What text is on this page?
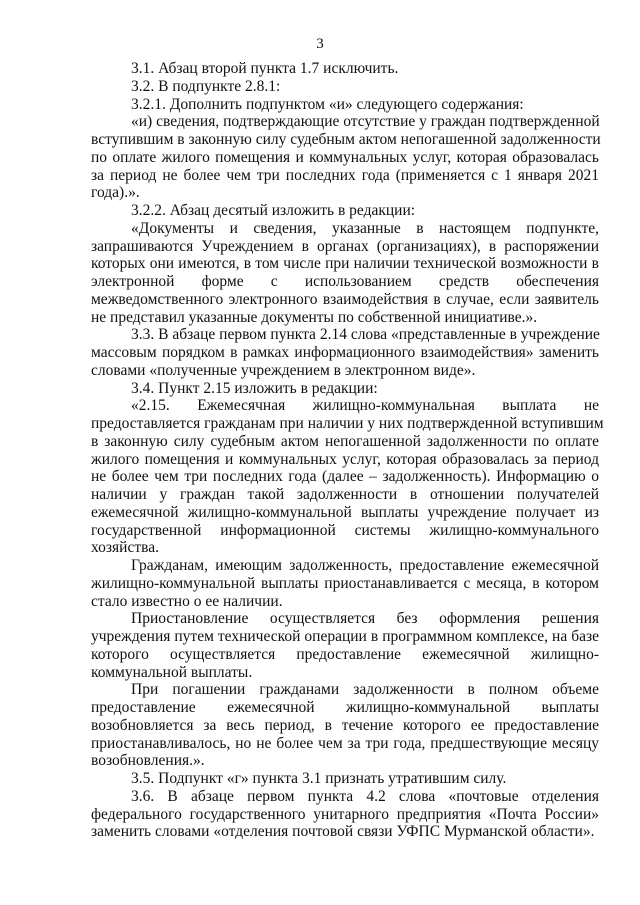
3
3.1. Абзац второй пункта 1.7 исключить.
3.2. В подпункте 2.8.1:
3.2.1. Дополнить подпунктом «и» следующего содержания:
«и) сведения, подтверждающие отсутствие у граждан подтвержденной
вступившим в законную силу судебным актом непогашенной задолженности
по оплате жилого помещения и коммунальных услуг, которая образовалась
за период не более чем три последних года (применяется с 1 января 2021
года).».
3.2.2. Абзац десятый изложить в редакции:
«Документы и сведения, указанные в настоящем подпункте,
запрашиваются Учреждением в органах (организациях), в распоряжении
которых они имеются, в том числе при наличии технической возможности в
электронной форме с использованием средств обеспечения
межведомственного электронного взаимодействия в случае, если заявитель
не представил указанные документы по собственной инициативе.».
3.3. В абзаце первом пункта 2.14 слова «представленные в учреждение
массовым порядком в рамках информационного взаимодействия» заменить
словами «полученные учреждением в электронном виде».
3.4. Пункт 2.15 изложить в редакции:
«2.15. Ежемесячная жилищно-коммунальная выплата не
предоставляется гражданам при наличии у них подтвержденной вступившим
в законную силу судебным актом непогашенной задолженности по оплате
жилого помещения и коммунальных услуг, которая образовалась за период
не более чем три последних года (далее – задолженность). Информацию о
наличии у граждан такой задолженности в отношении получателей
ежемесячной жилищно-коммунальной выплаты учреждение получает из
государственной информационной системы жилищно-коммунального
хозяйства.
Гражданам, имеющим задолженность, предоставление ежемесячной
жилищно-коммунальной выплаты приостанавливается с месяца, в котором
стало известно о ее наличии.
Приостановление осуществляется без оформления решения
учреждения путем технической операции в программном комплексе, на базе
которого осуществляется предоставление ежемесячной жилищно-
коммунальной выплаты.
При погашении гражданами задолженности в полном объеме
предоставление ежемесячной жилищно-коммунальной выплаты
возобновляется за весь период, в течение которого ее предоставление
приостанавливалось, но не более чем за три года, предшествующие месяцу
возобновления.».
3.5. Подпункт «г» пункта 3.1 признать утратившим силу.
3.6. В абзаце первом пункта 4.2 слова «почтовые отделения
федерального государственного унитарного предприятия «Почта России»
заменить словами «отделения почтовой связи УФПС Мурманской области».
